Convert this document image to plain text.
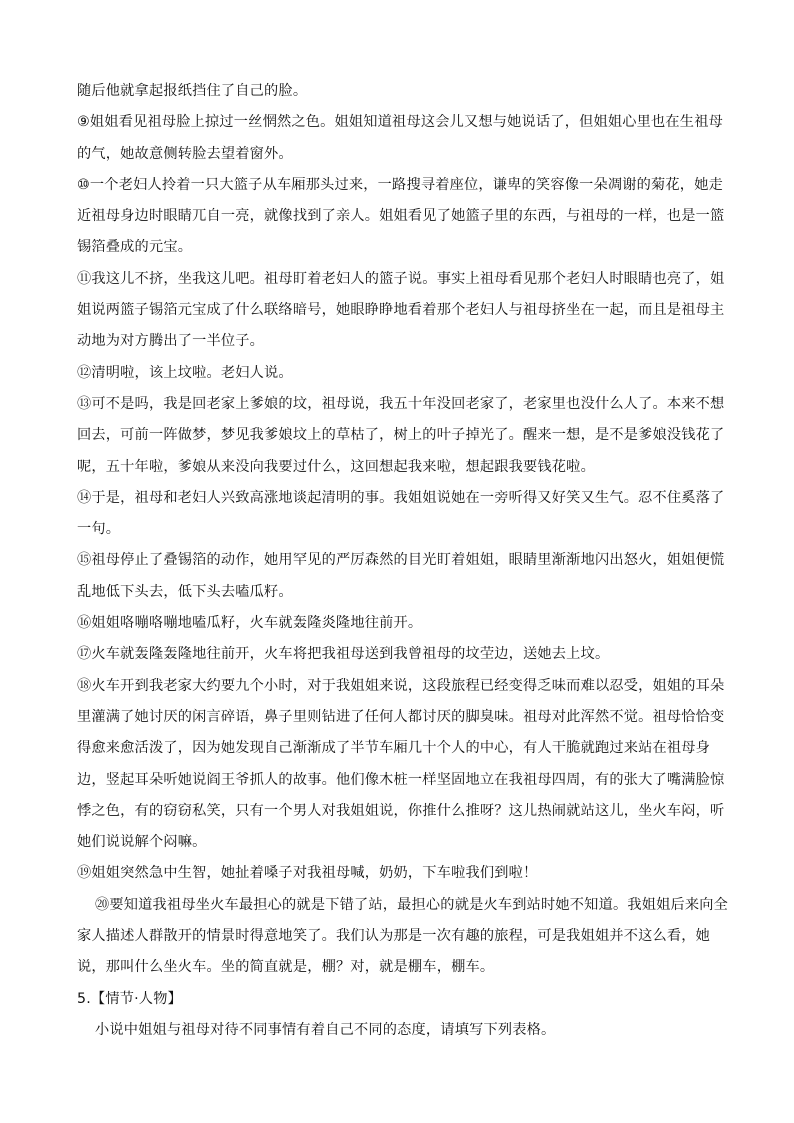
随后他就拿起报纸挡住了自己的脸。
⑨姐姐看见祖母脸上掠过一丝惘然之色。姐姐知道祖母这会儿又想与她说话了，但姐姐心里也在生祖母
的气，她故意侧转脸去望着窗外。
⑩一个老妇人拎着一只大篮子从车厢那头过来，一路搜寻着座位，谦卑的笑容像一朵凋谢的菊花，她走
近祖母身边时眼睛兀自一亮，就像找到了亲人。姐姐看见了她篮子里的东西，与祖母的一样，也是一篮
锡箔叠成的元宝。
⑪我这儿不挤，坐我这儿吧。祖母盯着老妇人的篮子说。事实上祖母看见那个老妇人时眼睛也亮了，姐
姐说两篮子锡箔元宝成了什么联络暗号，她眼睁睁地看着那个老妇人与祖母挤坐在一起，而且是祖母主
动地为对方腾出了一半位子。
⑫清明啦，该上坟啦。老妇人说。
⑬可不是吗，我是回老家上爹娘的坟，祖母说，我五十年没回老家了，老家里也没什么人了。本来不想
回去，可前一阵做梦，梦见我爹娘坟上的草枯了，树上的叶子掉光了。醒来一想，是不是爹娘没钱花了
呢，五十年啦，爹娘从来没向我要过什么，这回想起我来啦，想起跟我要钱花啦。
⑭于是，祖母和老妇人兴致高涨地谈起清明的事。我姐姐说她在一旁听得又好笑又生气。忍不住奚落了
一句。
⑮祖母停止了叠锡箔的动作，她用罕见的严厉森然的目光盯着姐姐，眼睛里渐渐地闪出怒火，姐姐便慌
乱地低下头去，低下头去嗑瓜籽。
⑯姐姐咯嘣咯嘣地嗑瓜籽，火车就轰隆炎隆地往前开。
⑰火车就轰隆轰隆地往前开，火车将把我祖母送到我曾祖母的坟茔边，送她去上坟。
⑱火车开到我老家大约要九个小时，对于我姐姐来说，这段旅程已经变得乏味而难以忍受，姐姐的耳朵
里灌满了她讨厌的闲言碎语，鼻子里则钻进了任何人都讨厌的脚臭味。祖母对此浑然不觉。祖母恰恰变
得愈来愈活泼了，因为她发现自己渐渐成了半节车厢几十个人的中心，有人干脆就跑过来站在祖母身
边，竖起耳朵听她说阎王爷抓人的故事。他们像木桩一样坚固地立在我祖母四周，有的张大了嘴满脸惊
悸之色，有的窃窃私笑，只有一个男人对我姐姐说，你推什么推呀？这儿热闹就站这儿，坐火车闷，听
她们说说解个闷嘛。
⑲姐姐突然急中生智，她扯着嗓子对我祖母喊，奶奶，下车啦我们到啦！
⑳要知道我祖母坐火车最担心的就是下错了站，最担心的就是火车到站时她不知道。我姐姐后来向全
家人描述人群散开的情景时得意地笑了。我们认为那是一次有趣的旅程，可是我姐姐并不这么看，她
说，那叫什么坐火车。坐的简直就是，棚？对，就是棚车，棚车。
5.【情节·人物】
小说中姐姐与祖母对待不同事情有着自己不同的态度，请填写下列表格。
